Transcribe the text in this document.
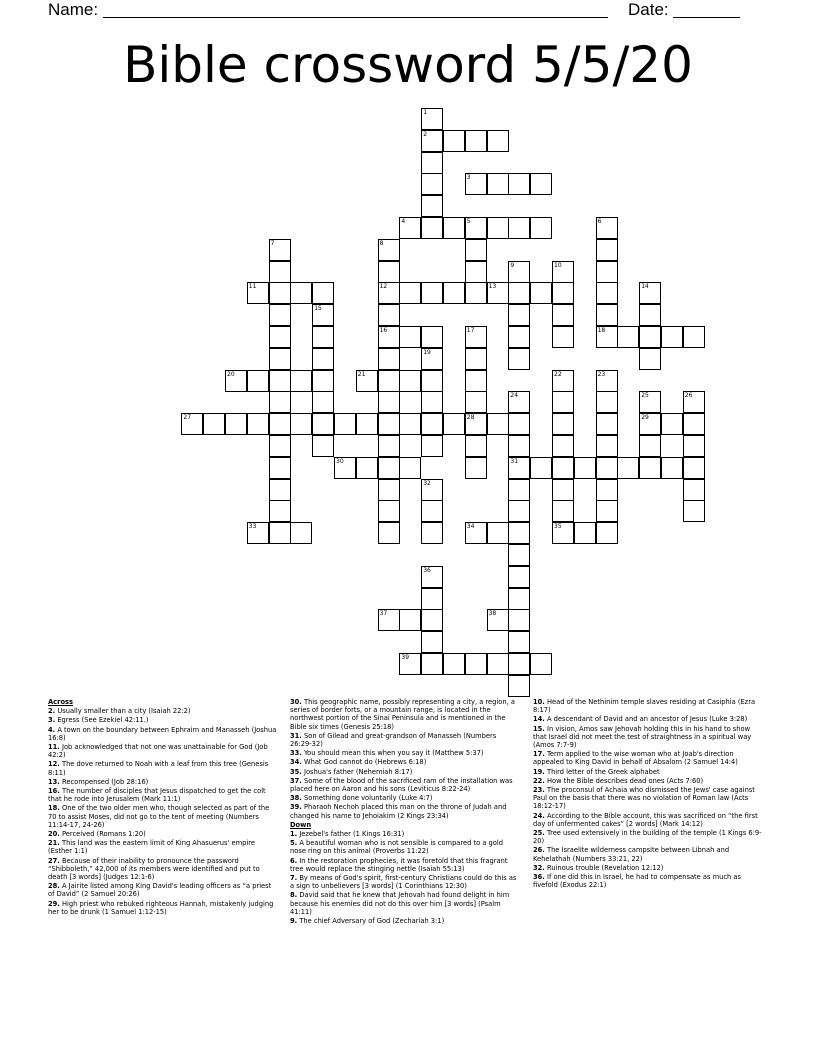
Name:	Date:
Bible crossword 5/5/20
1
2
3
4	5	6
7	8
9	10
11	12	13	14
15
16	17	18
19
20	21	22	23
24	25	26
27	28	29
30	31
32
33	34	35
36
37	38
39

Across

2. Usually smaller than a city (Isaiah 22:2)

3. Egress (See Ezekiel 42:11.)

4. A town on the boundary between Ephraim and Manasseh (Joshua 16:8)

11. Job acknowledged that not one was unattainable for God (Job 42:2)

12. The dove returned to Noah with a leaf from this tree (Genesis 8:11)

13. Recompensed (Job 28:16)

16. The number of disciples that Jesus dispatched to get the colt that he rode into Jerusalem (Mark 11:1)

18. One of the two older men who, though selected as part of the 70 to assist Moses, did not go to the tent of meeting (Numbers 11:14-17, 24-26)

20. Perceived (Romans 1:20)

21. This land was the eastern limit of King Ahasuerus' empire (Esther 1:1)

27. Because of their inability to pronounce the password “Shibboleth,” 42,000 of its members were identified and put to death [3 words] (Judges 12:1-6)

28. A Jairite listed among King David's leading officers as “a priest of David” (2 Samuel 20:26)

29. High priest who rebuked righteous Hannah, mistakenly judging her to be drunk (1 Samuel 1:12-15)

30. This geographic name, possibly representing a city, a region, a series of border forts, or a mountain range, is located in the northwest portion of the Sinai Peninsula and is mentioned in the Bible six times (Genesis 25:18)

31. Son of Gilead and great-grandson of Manasseh (Numbers 26:29-32)

33. You should mean this when you say it (Matthew 5:37)

34. What God cannot do (Hebrews 6:18)

35. Joshua's father (Nehemiah 8:17)

37. Some of the blood of the sacrificed ram of the installation was placed here on Aaron and his sons (Leviticus 8:22-24)

38. Something done voluntarily (Luke 4:7)

39. Pharaoh Nechoh placed this man on the throne of Judah and changed his name to Jehoiakim (2 Kings 23:34)

Down

1. Jezebel's father (1 Kings 16:31)

5. A beautiful woman who is not sensible is compared to a gold nose ring on this animal (Proverbs 11:22)

6. In the restoration prophecies, it was foretold that this fragrant tree would replace the stinging nettle (Isaiah 55:13)

7. By means of God's spirit, first-century Christians could do this as a sign to unbelievers [3 words] (1 Corinthians 12:30)

8. David said that he knew that Jehovah had found delight in him because his enemies did not do this over him [3 words] (Psalm 41:11)

9. The chief Adversary of God (Zechariah 3:1)

10. Head of the Nethinim temple slaves residing at Casiphia (Ezra 8:17)

14. A descendant of David and an ancestor of Jesus (Luke 3:28)

15. In vision, Amos saw Jehovah holding this in his hand to show that Israel did not meet the test of straightness in a spiritual way (Amos 7:7-9)

17. Term applied to the wise woman who at Joab's direction appealed to King David in behalf of Absalom (2 Samuel 14:4)

19. Third letter of the Greek alphabet

22. How the Bible describes dead ones (Acts 7:60)

23. The proconsul of Achaia who dismissed the Jews' case against Paul on the basis that there was no violation of Roman law (Acts 18:12-17)

24. According to the Bible account, this was sacrificed on “the first day of unfermented cakes” [2 words] (Mark 14:12)

25. Tree used extensively in the building of the temple (1 Kings 6:9-20)

26. The Israelite wilderness campsite between Libnah and Kehelathah (Numbers 33:21, 22)

32. Ruinous trouble (Revelation 12:12)

36. If one did this in Israel, he had to compensate as much as fivefold (Exodus 22:1)
